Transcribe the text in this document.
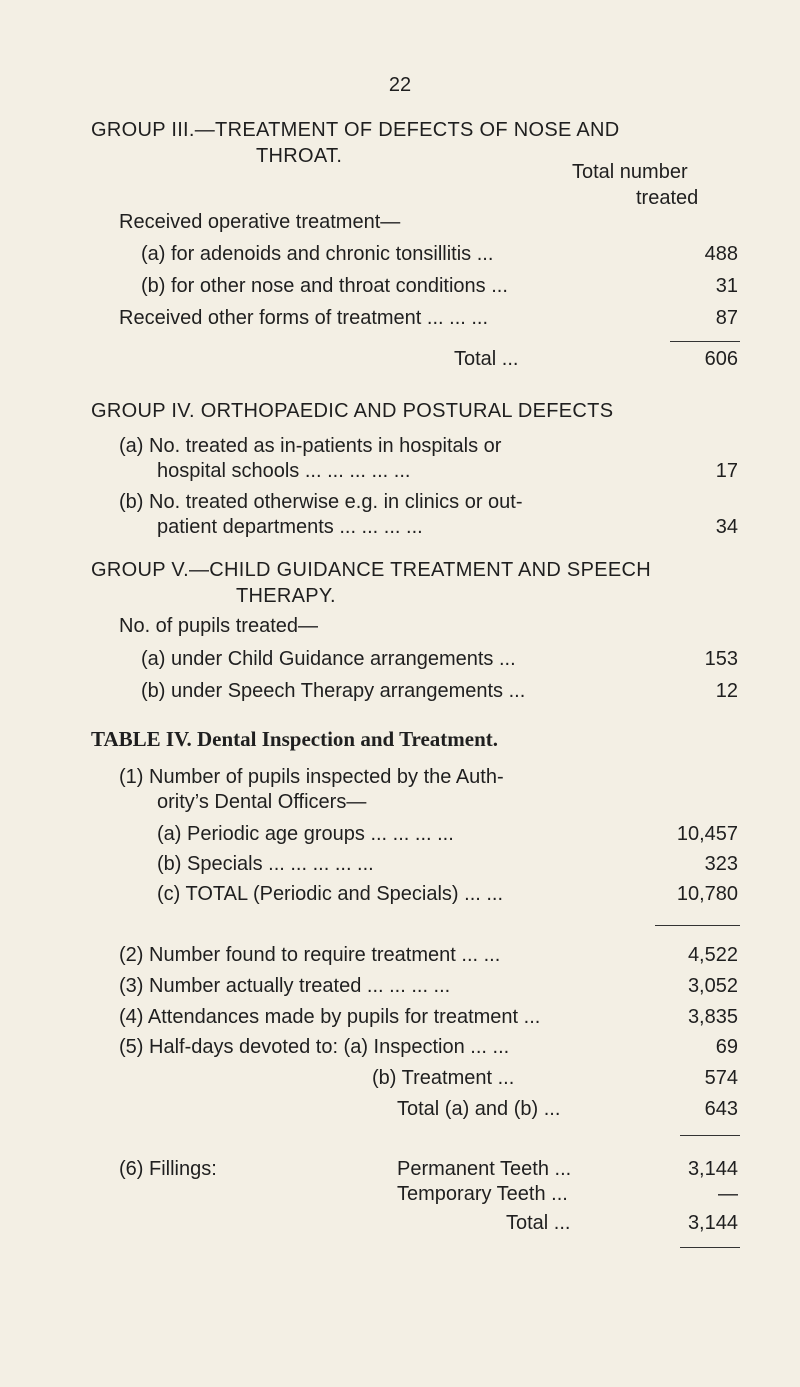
22
GROUP III.—TREATMENT OF DEFECTS OF NOSE AND
THROAT.
Total number
treated
Received operative treatment—
(a) for adenoids and chronic tonsillitis ...	488
(b) for other nose and throat conditions ...	31
Received other forms of treatment ... ... ...	87
Total ...	606
GROUP IV. ORTHOPAEDIC AND POSTURAL DEFECTS
(a) No. treated as in-patients in hospitals or
hospital schools ... ... ... ... ...	17
(b) No. treated otherwise e.g. in clinics or out-
patient departments ... ... ... ...	34
GROUP V.—CHILD GUIDANCE TREATMENT AND SPEECH
THERAPY.
No. of pupils treated—
(a) under Child Guidance arrangements ...	153
(b) under Speech Therapy arrangements ...	12
TABLE IV. Dental Inspection and Treatment.
(1) Number of pupils inspected by the Auth-
ority’s Dental Officers—
(a) Periodic age groups ... ... ... ...	10,457
(b) Specials ... ... ... ... ...	323
(c) TOTAL (Periodic and Specials) ... ...	10,780
(2) Number found to require treatment ... ...	4,522
(3) Number actually treated ... ... ... ...	3,052
(4) Attendances made by pupils for treatment ...	3,835
(5) Half-days devoted to: (a) Inspection ... ...	69
(b) Treatment ...	574
Total (a) and (b) ...	643
(6) Fillings:	Permanent Teeth ...	3,144
Temporary Teeth ...	—
Total ...	3,144
